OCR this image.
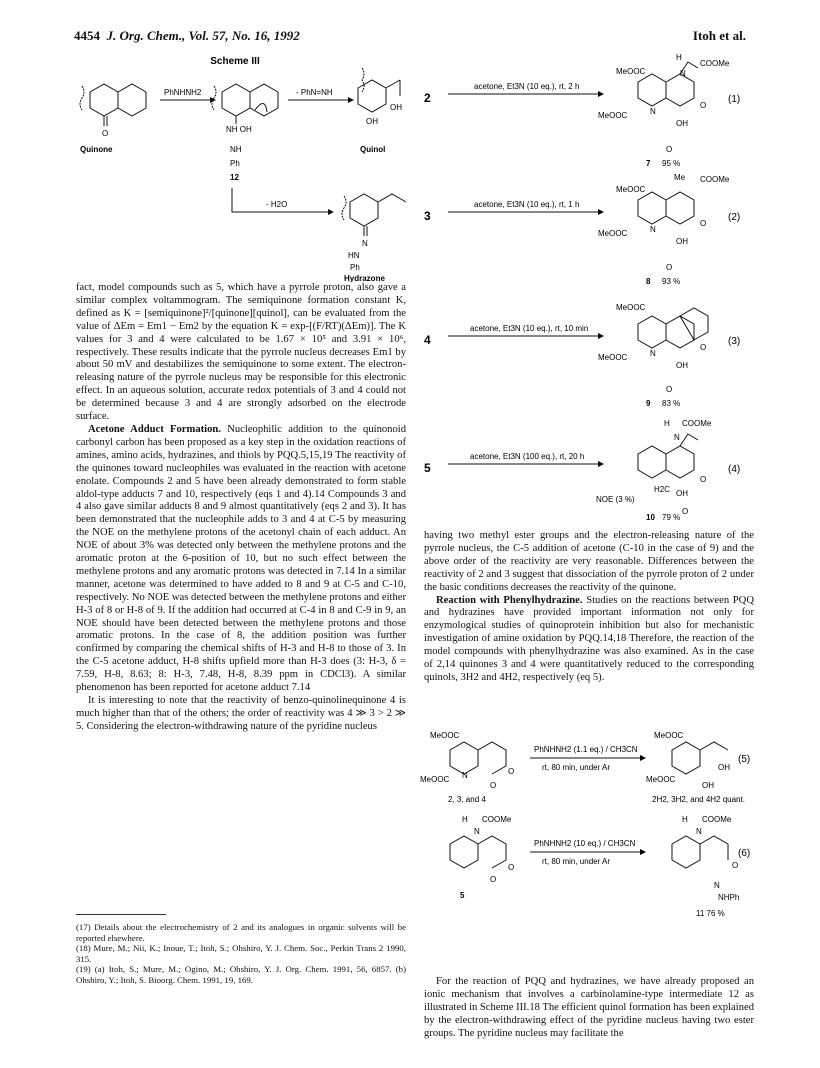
4454 J. Org. Chem., Vol. 57, No. 16, 1992	Itoh et al.
Scheme III
O
Quinone
PhNHNH2
NH OH
NH
Ph
12
- PhN=NH
OH
OH
Quinol
- H2O
N
HN
Ph
Hydrazone
2
acetone, Et3N (10 eq.), rt, 2 h
H
COOMe
MeOOC	N
MeOOC	N
O
OH
O
(1)
7 95 %
3
acetone, Et3N (10 eq.), rt, 1 h
Me COOMe
MeOOC
MeOOC	N
O
OH
O
(2)
8 93 %
4
acetone, Et3N (10 eq.), rt, 10 min
MeOOC
MeOOC	N
O
OH
O
(3)
9 83 %
5
acetone, Et3N (100 eq.), rt, 20 h
H COOMe
N
O
OH
H2C
O
NOE (3 %)
(4)
10 79 %

fact, model compounds such as 5, which have a pyrrole proton, also gave a similar complex voltammogram. The semiquinone formation constant K, defined as K = [semiquinone]²/[quinone][quinol], can be evaluated from the value of ΔEm = Em1 − Em2 by the equation K = exp-[(F/RT)(ΔEm)]. The K values for 3 and 4 were calculated to be 1.67 × 10⁵ and 3.91 × 10⁶, respectively. These results indicate that the pyrrole nucleus decreases Em1 by about 50 mV and destabilizes the semiquinone to some extent. The electron-releasing nature of the pyrrole nucleus may be responsible for this electronic effect. In an aqueous solution, accurate redox potentials of 3 and 4 could not be determined because 3 and 4 are strongly adsorbed on the electrode surface.

Acetone Adduct Formation. Nucleophilic addition to the quinonoid carbonyl carbon has been proposed as a key step in the oxidation reactions of amines, amino acids, hydrazines, and thiols by PQQ.5,15,19 The reactivity of the quinones toward nucleophiles was evaluated in the reaction with acetone enolate. Compounds 2 and 5 have been already demonstrated to form stable aldol-type adducts 7 and 10, respectively (eqs 1 and 4).14 Compounds 3 and 4 also gave similar adducts 8 and 9 almost quantitatively (eqs 2 and 3). It has been demonstrated that the nucleophile adds to 3 and 4 at C-5 by measuring the NOE on the methylene protons of the acetonyl chain of each adduct. An NOE of about 3% was detected only between the methylene protons and the aromatic proton at the 6-position of 10, but no such effect between the methylene protons and any aromatic protons was detected in 7.14 In a similar manner, acetone was determined to have added to 8 and 9 at C-5 and C-10, respectively. No NOE was detected between the methylene protons and either H-3 of 8 or H-8 of 9. If the addition had occurred at C-4 in 8 and C-9 in 9, an NOE should have been detected between the methylene protons and those aromatic protons. In the case of 8, the addition position was further confirmed by comparing the chemical shifts of H-3 and H-8 to those of 3. In the C-5 acetone adduct, H-8 shifts upfield more than H-3 does (3: H-3, δ = 7.59, H-8, 8.63; 8: H-3, 7.48, H-8, 8.39 ppm in CDCl3). A similar phenomenon has been reported for acetone adduct 7.14

It is interesting to note that the reactivity of benzo-quinolinequinone 4 is much higher than that of the others; the order of reactivity was 4 ≫ 3 > 2 ≫ 5. Considering the electron-withdrawing nature of the pyridine nucleus

(17) Details about the electrochemistry of 2 and its analogues in organic solvents will be reported elsewhere.
(18) Mure, M.; Nii, K.; Inoue, T.; Itoh, S.; Ohshiro, Y. J. Chem. Soc., Perkin Trans 2 1990, 315.
(19) (a) Itoh, S.; Mure, M.; Ogino, M.; Ohshiro, Y. J. Org. Chem. 1991, 56, 6857. (b) Ohshiro, Y.; Itoh, S. Bioorg. Chem. 1991, 19, 169.

having two methyl ester groups and the electron-releasing nature of the pyrrole nucleus, the C-5 addition of acetone (C-10 in the case of 9) and the above order of the reactivity are very reasonable. Differences between the reactivity of 2 and 3 suggest that dissociation of the pyrrole proton of 2 under the basic conditions decreases the reactivity of the quinone.

Reaction with Phenylhydrazine. Studies on the reactions between PQQ and hydrazines have provided important information not only for enzymological studies of quinoprotein inhibition but also for mechanistic investigation of amine oxidation by PQQ.14,18 Therefore, the reaction of the model compounds with phenylhydrazine was also examined. As in the case of 2,14 quinones 3 and 4 were quantitatively reduced to the corresponding quinols, 3H2 and 4H2, respectively (eq 5).

MeOOC
MeOOC N	O
O
2, 3, and 4
PhNHNH2 (1.1 eq.) / CH3CN
rt, 80 min, under Ar
MeOOC
MeOOC
OH
OH
2H2, 3H2, and 4H2 quant.
(5)
H COOMe
N
O
O
5
PhNHNH2 (10 eq.) / CH3CN
rt, 80 min, under Ar
H COOMe
N
O
N
NHPh
11 76 %
(6)

For the reaction of PQQ and hydrazines, we have already proposed an ionic mechanism that involves a carbinolamine-type intermediate 12 as illustrated in Scheme III.18 The efficient quinol formation has been explained by the electron-withdrawing effect of the pyridine nucleus having two ester groups. The pyridine nucleus may facilitate the
